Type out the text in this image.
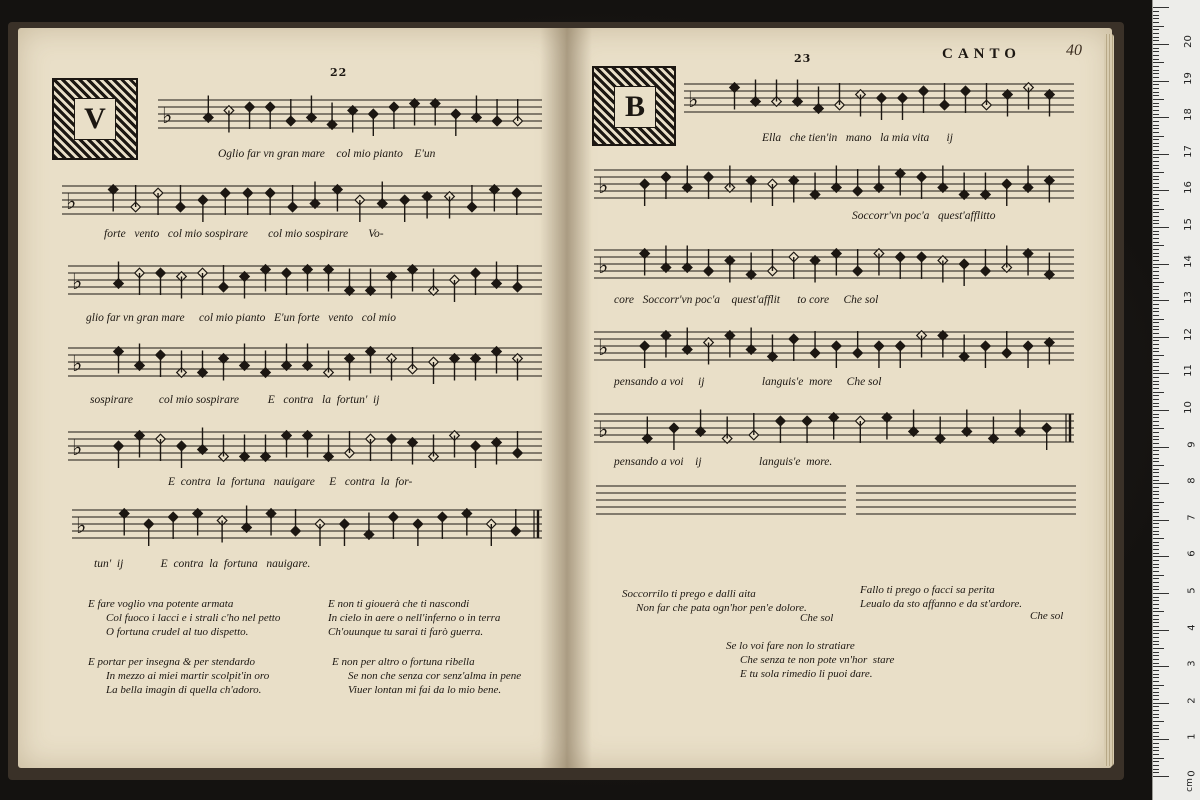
22
V	♭
♭
♭
♭
♭
♭
Oglio far vn gran mare    col mio pianto    E'un
forte   vento   col mio sospirare       col mio sospirare       Vo-
glio far vn gran mare     col mio pianto   E'un forte   vento   col mio
sospirare         col mio sospirare          E   contra   la  fortun'  ij
E  contra  la  fortuna   nauigare     E   contra  la  for-
tun'  ij             E  contra  la  fortuna   nauigare.
E fare voglio vna potente armata
Col fuoco i lacci e i strali c'ho nel petto
O fortuna crudel al tuo dispetto.
E non ti giouerà che ti nascondi
In cielo in aere o nell'inferno o in terra
Ch'ouunque tu sarai ti farò guerra.
E portar per insegna & per stendardo
In mezzo ai miei martir scolpit'in oro
La bella imagin di quella ch'adoro.
E non per altro o fortuna ribella
Se non che senza cor senz'alma in pene
Viuer lontan mi fai da lo mio bene.
23	CANTO	40
B	♭
♭
♭
♭
♭
Ella   che tien'in   mano   la mia vita      ij
Soccorr'vn poc'a   quest'afflitto
core   Soccorr'vn poc'a    quest'afflit      to core     Che sol
pensando a voi     ij                    languis'e  more     Che sol
pensando a voi    ij                    languis'e  more.
Soccorrilo ti prego e dalli aita
Non far che pata ogn'hor pen'e dolore.
Fallo ti prego o facci sa perita
Leualo da sto affanno e da st'ardore.
Che sol	Che sol
Se lo voi fare non lo stratiare
Che senza te non pote vn'hor  stare
E tu sola rimedio li puoi dare.
0
1
2
3
4
5
6
7
8
9
10
11
12
13
14
15
16
17
18
19
20
cm
